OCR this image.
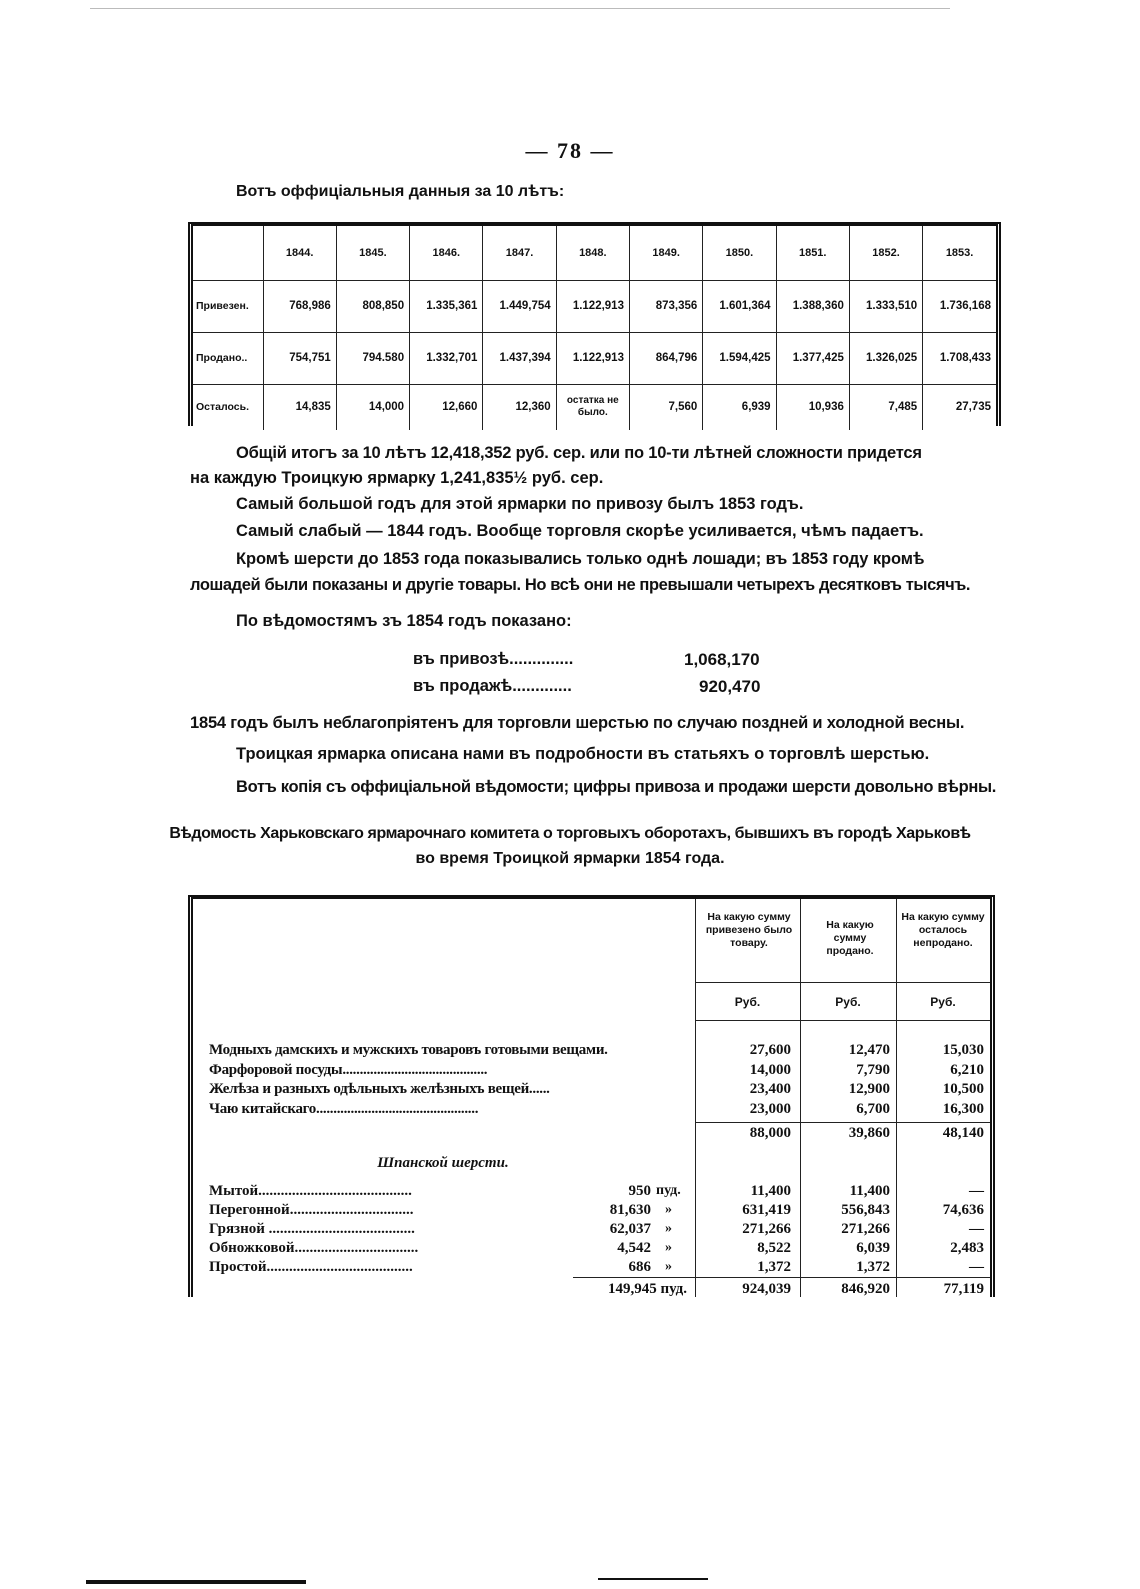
— 78 —
Вотъ оффиціальныя данныя за 10 лѣтъ:
	1844.	1845.	1846.	1847.	1848.	1849.	1850.	1851.	1852.	1853.
Привезен.	768,986	808,850	1.335,361	1.449,754	1.122,913	873,356	1.601,364	1.388,360	1.333,510	1.736,168
Продано..	754,751	794.580	1.332,701	1.437,394	1.122,913	864,796	1.594,425	1.377,425	1.326,025	1.708,433
Осталось.	14,835	14,000	12,660	12,360	остатка не было.	7,560	6,939	10,936	7,485	27,735
Общій итогъ за 10 лѣтъ 12,418,352 руб. сер. или по 10-ти лѣтней сложности придется
на каждую Троицкую ярмарку 1,241,835½ руб. сер.
Самый большой годъ для этой ярмарки по привозу былъ 1853 годъ.
Самый слабый — 1844 годъ. Вообще торговля скорѣе усиливается, чѣмъ падаетъ.
Кромѣ шерсти до 1853 года показывались только однѣ лошади; въ 1853 году кромѣ
лошадей были показаны и другіе товары. Но всѣ они не превышали четырехъ десятковъ тысячъ.
По вѣдомостямъ зъ 1854 годъ показано:
въ привозѣ..............	1,068,170
въ продажѣ.............	920,470
1854 годъ былъ неблагопріятенъ для торговли шерстью по случаю поздней и холодной весны.
Троицкая ярмарка описана нами въ подробности въ статьяхъ о торговлѣ шерстью.
Вотъ копія съ оффиціальной вѣдомости; цифры привоза и продажи шерсти довольно вѣрны.
Вѣдомость Харьковскаго ярмарочнаго комитета о торговыхъ оборотахъ, бывшихъ въ городѣ Харьковѣ
во время Троицкой ярмарки 1854 года.
На какую сумму привезено было товару.
На какую сумму продано.
На какую сумму осталось непродано.
Руб.	Руб.	Руб.
Модныхъ дамскихъ и мужскихъ товаровъ готовыми вещами.	27,600	12,470	15,030
Фарфоровой посуды..........................................	14,000	7,790	6,210
Желѣза и разныхъ одѣльныхъ желѣзныхъ вещей......	23,400	12,900	10,500
Чаю китайскаго...............................................	23,000	6,700	16,300
88,000	39,860	48,140
Шпанской шерсти.
Мытой.........................................	950 пуд.	11,400	11,400	—
Перегонной.................................	81,630 »	631,419	556,843	74,636
Грязной .......................................	62,037 »	271,266	271,266	—
Обножковой.................................	4,542 »	8,522	6,039	2,483
Простой.......................................	686 »	1,372	1,372	—
149,945 пуд.	924,039	846,920	77,119
